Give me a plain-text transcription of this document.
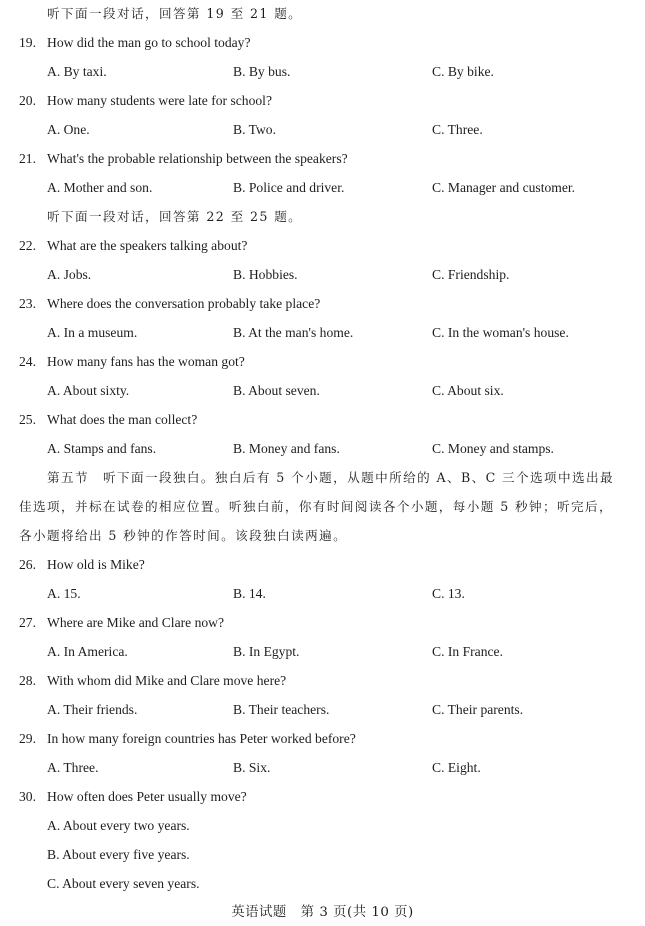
听下面一段对话，回答第 19 至 21 题。
19. How did the man go to school today?
A. By taxi.	B. By bus.	C. By bike.
20. How many students were late for school?
A. One.	B. Two.	C. Three.
21. What's the probable relationship between the speakers?
A. Mother and son.	B. Police and driver.	C. Manager and customer.
听下面一段对话，回答第 22 至 25 题。
22. What are the speakers talking about?
A. Jobs.	B. Hobbies.	C. Friendship.
23. Where does the conversation probably take place?
A. In a museum.	B. At the man's home.	C. In the woman's house.
24. How many fans has the woman got?
A. About sixty.	B. About seven.	C. About six.
25. What does the man collect?
A. Stamps and fans.	B. Money and fans.	C. Money and stamps.
第五节　听下面一段独白。独白后有 5 个小题，从题中所给的 A、B、C 三个选项中选出最
佳选项，并标在试卷的相应位置。听独白前，你有时间阅读各个小题，每小题 5 秒钟；听完后，
各小题将给出 5 秒钟的作答时间。该段独白读两遍。
26. How old is Mike?
A. 15.	B. 14.	C. 13.
27. Where are Mike and Clare now?
A. In America.	B. In Egypt.	C. In France.
28. With whom did Mike and Clare move here?
A. Their friends.	B. Their teachers.	C. Their parents.
29. In how many foreign countries has Peter worked before?
A. Three.	B. Six.	C. Eight.
30. How often does Peter usually move?
A. About every two years.
B. About every five years.
C. About every seven years.
英语试题　第 3 页(共 10 页)
